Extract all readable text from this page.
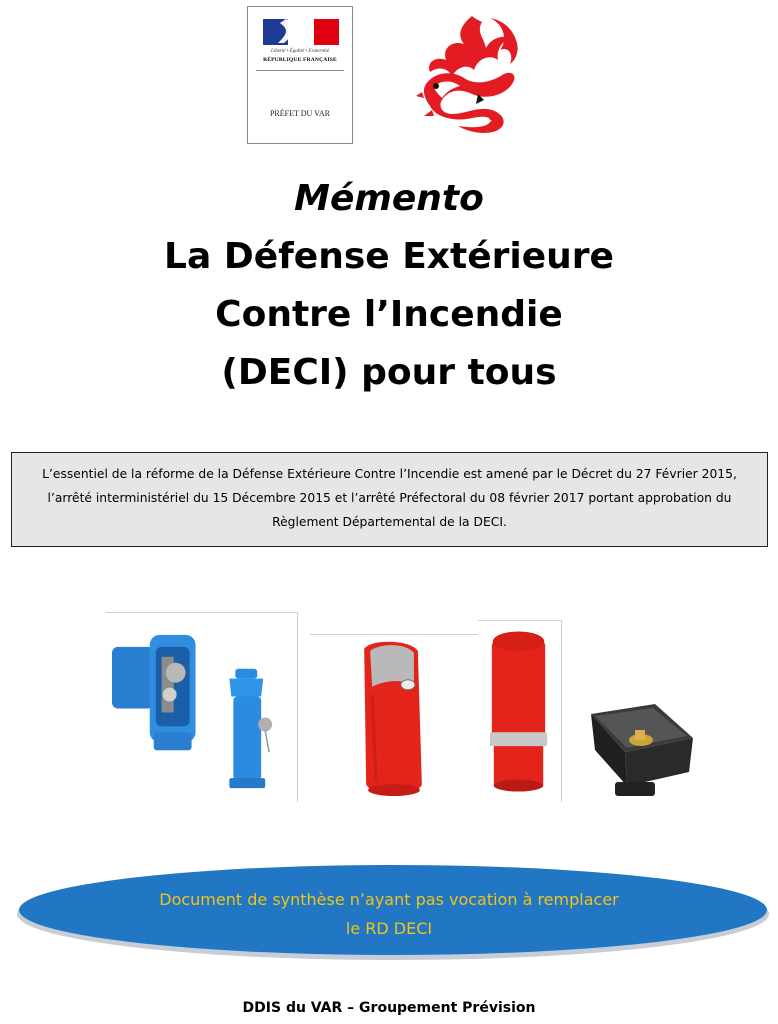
Liberté • Égalité • Fraternité
RÉPUBLIQUE FRANÇAISE
PRÉFET DU VAR
Mémento
La Défense Extérieure
Contre l’Incendie
(DECI) pour tous
L’essentiel de la réforme de la Défense Extérieure Contre l’Incendie est amené par le Décret du 27 Février 2015, l’arrêté interministériel du 15 Décembre 2015 et l’arrêté Préfectoral du 08 février 2017 portant approbation du Règlement Départemental de la DECI.
Document de synthèse n’ayant pas vocation à remplacer
le RD DECI
DDIS du VAR – Groupement Prévision
